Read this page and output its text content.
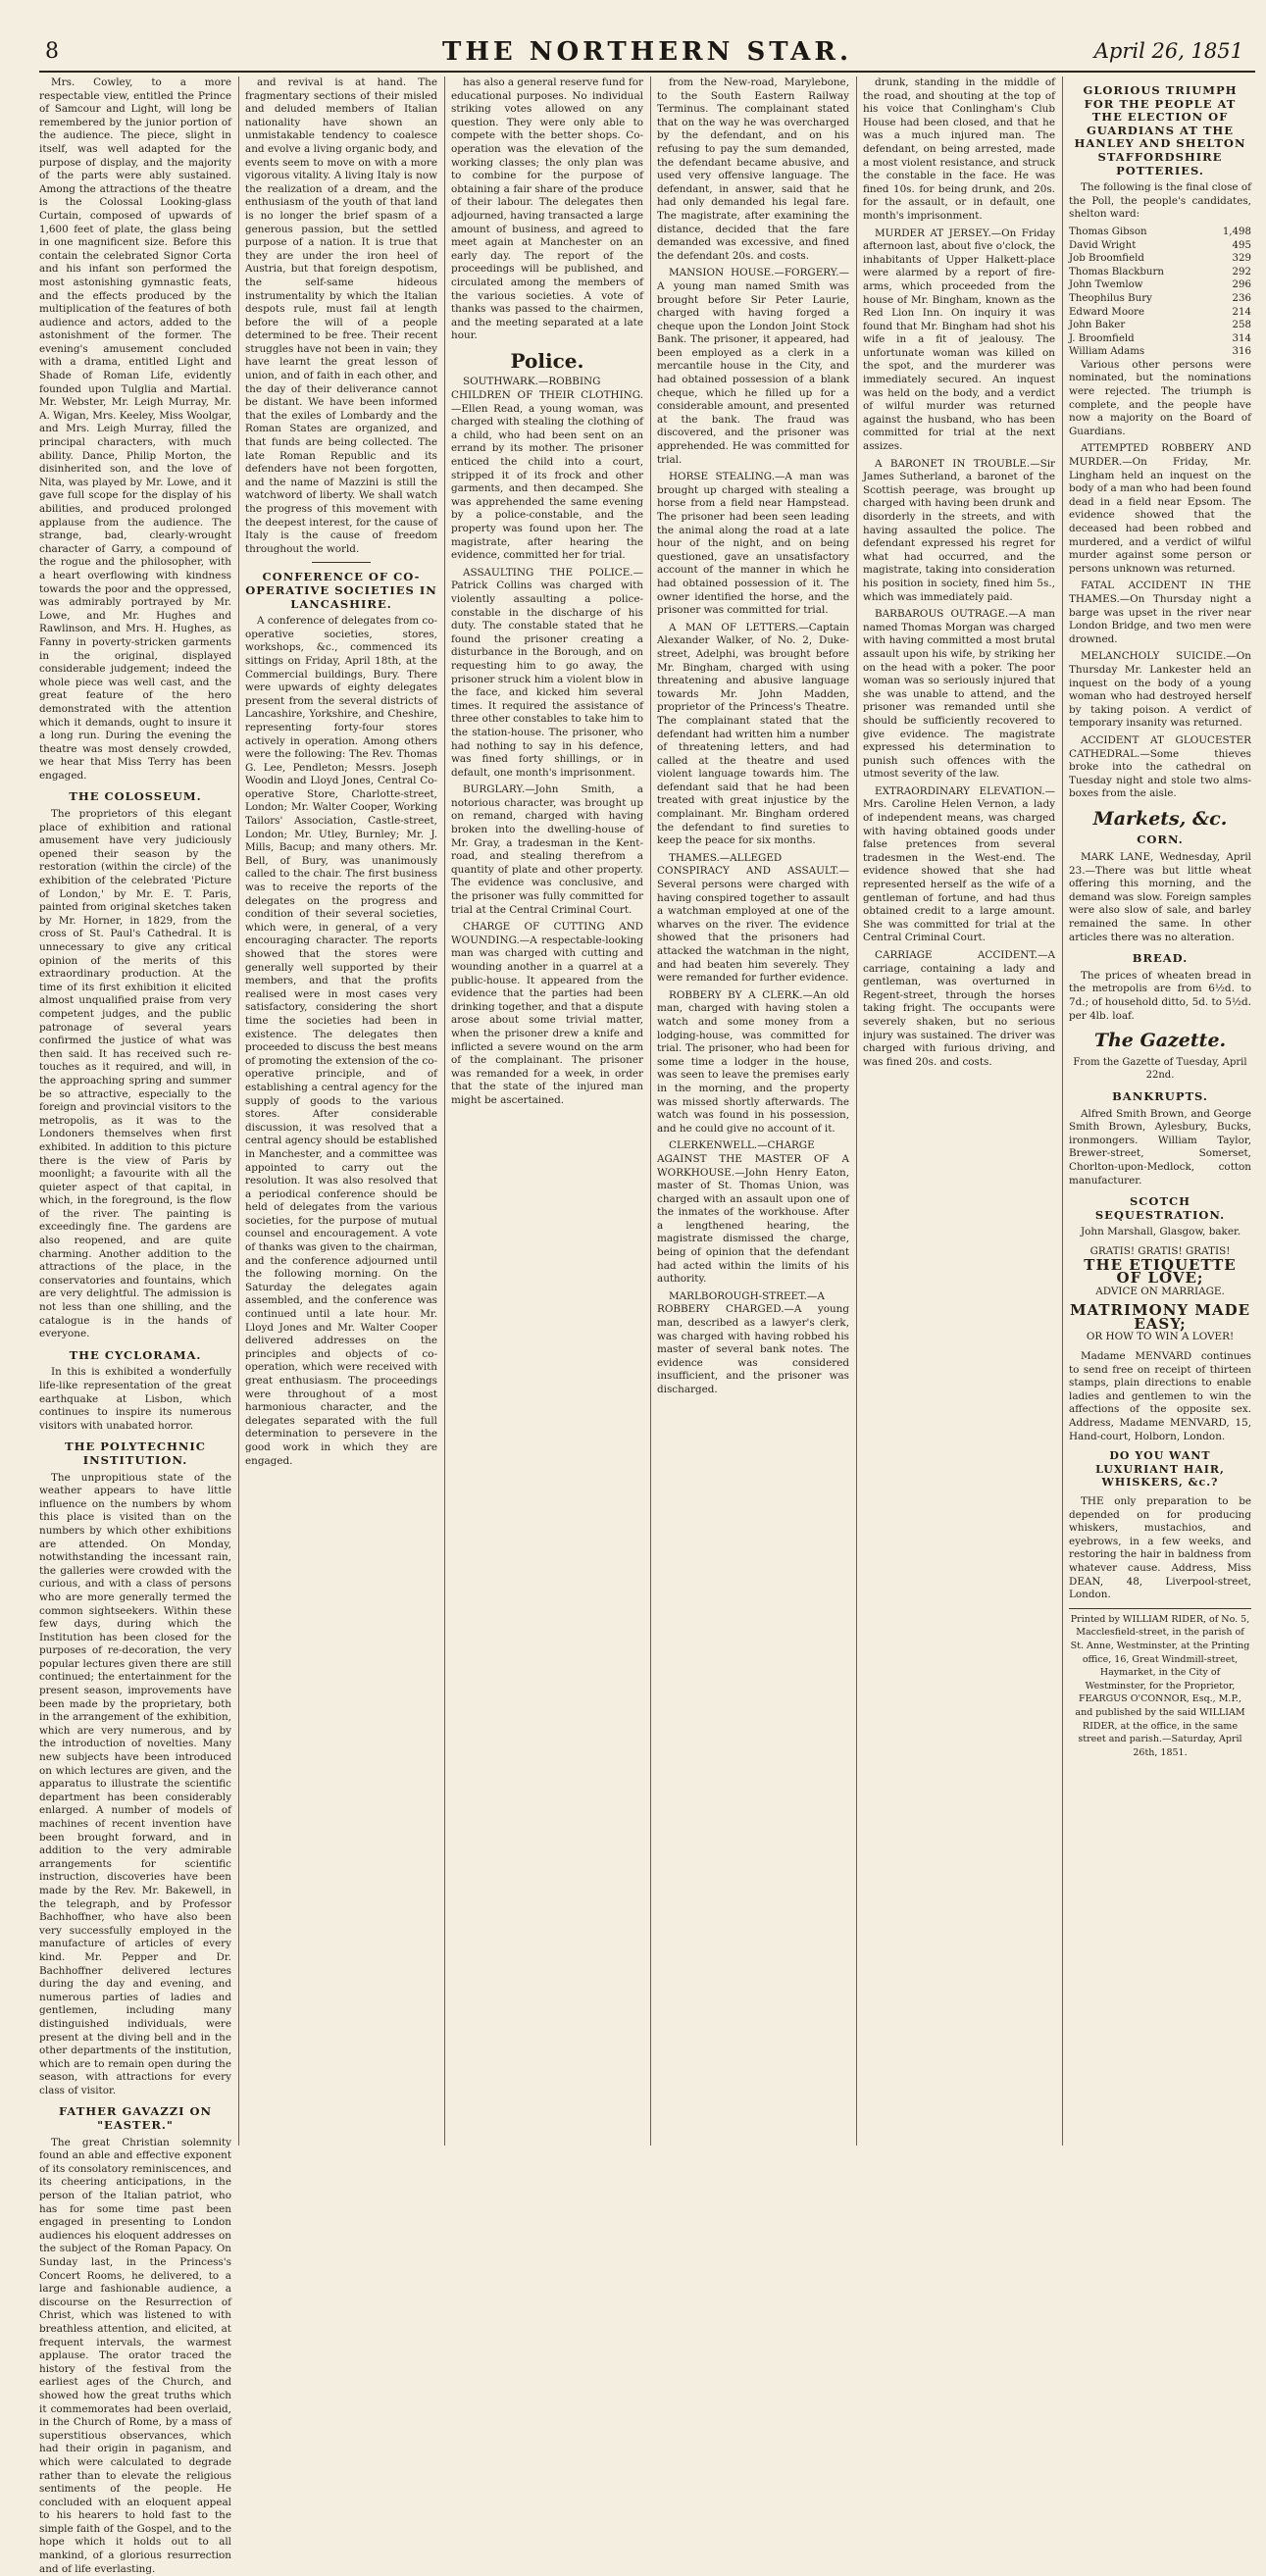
8	THE NORTHERN STAR.	April 26, 1851

Mrs. Cowley, to a more respectable view, entitled the Prince of Samcour and Light, will long be remembered by the junior portion of the audience. The piece, slight in itself, was well adapted for the purpose of display, and the majority of the parts were ably sustained. Among the attractions of the theatre is the Colossal Looking-glass Curtain, composed of upwards of 1,600 feet of plate, the glass being in one magnificent size. Before this contain the celebrated Signor Corta and his infant son performed the most astonishing gymnastic feats, and the effects produced by the multiplication of the features of both audience and actors, added to the astonishment of the former. The evening's amusement concluded with a drama, entitled Light and Shade of Roman Life, evidently founded upon Tulglia and Martial. Mr. Webster, Mr. Leigh Murray, Mr. A. Wigan, Mrs. Keeley, Miss Woolgar, and Mrs. Leigh Murray, filled the principal characters, with much ability. Dance, Philip Morton, the disinherited son, and the love of Nita, was played by Mr. Lowe, and it gave full scope for the display of his abilities, and produced prolonged applause from the audience. The strange, bad, clearly-wrought character of Garry, a compound of the rogue and the philosopher, with a heart overflowing with kindness towards the poor and the oppressed, was admirably portrayed by Mr. Lowe, and Mr. Hughes and Rawlinson, and Mrs. H. Hughes, as Fanny in poverty-stricken garments in the original, displayed considerable judgement; indeed the whole piece was well cast, and the great feature of the hero demonstrated with the attention which it demands, ought to insure it a long run. During the evening the theatre was most densely crowded, we hear that Miss Terry has been engaged.

THE COLOSSEUM.

The proprietors of this elegant place of exhibition and rational amusement have very judiciously opened their season by the restoration (within the circle) of the exhibition of the celebrated 'Picture of London,' by Mr. E. T. Paris, painted from original sketches taken by Mr. Horner, in 1829, from the cross of St. Paul's Cathedral. It is unnecessary to give any critical opinion of the merits of this extraordinary production. At the time of its first exhibition it elicited almost unqualified praise from very competent judges, and the public patronage of several years confirmed the justice of what was then said. It has received such re-touches as it required, and will, in the approaching spring and summer be so attractive, especially to the foreign and provincial visitors to the metropolis, as it was to the Londoners themselves when first exhibited. In addition to this picture there is the view of Paris by moonlight; a favourite with all the quieter aspect of that capital, in which, in the foreground, is the flow of the river. The painting is exceedingly fine. The gardens are also reopened, and are quite charming. Another addition to the attractions of the place, in the conservatories and fountains, which are very delightful. The admission is not less than one shilling, and the catalogue is in the hands of everyone.

THE CYCLORAMA.

In this is exhibited a wonderfully life-like representation of the great earthquake at Lisbon, which continues to inspire its numerous visitors with unabated horror.

THE POLYTECHNIC INSTITUTION.

The unpropitious state of the weather appears to have little influence on the numbers by whom this place is visited than on the numbers by which other exhibitions are attended. On Monday, notwithstanding the incessant rain, the galleries were crowded with the curious, and with a class of persons who are more generally termed the common sightseekers. Within these few days, during which the Institution has been closed for the purposes of re-decoration, the very popular lectures given there are still continued; the entertainment for the present season, improvements have been made by the proprietary, both in the arrangement of the exhibition, which are very numerous, and by the introduction of novelties. Many new subjects have been introduced on which lectures are given, and the apparatus to illustrate the scientific department has been considerably enlarged. A number of models of machines of recent invention have been brought forward, and in addition to the very admirable arrangements for scientific instruction, discoveries have been made by the Rev. Mr. Bakewell, in the telegraph, and by Professor Bachhoffner, who have also been very successfully employed in the manufacture of articles of every kind. Mr. Pepper and Dr. Bachhoffner delivered lectures during the day and evening, and numerous parties of ladies and gentlemen, including many distinguished individuals, were present at the diving bell and in the other departments of the institution, which are to remain open during the season, with attractions for every class of visitor.

FATHER GAVAZZI ON "EASTER."

The great Christian solemnity found an able and effective exponent of its consolatory reminiscences, and its cheering anticipations, in the person of the Italian patriot, who has for some time past been engaged in presenting to London audiences his eloquent addresses on the subject of the Roman Papacy. On Sunday last, in the Princess's Concert Rooms, he delivered, to a large and fashionable audience, a discourse on the Resurrection of Christ, which was listened to with breathless attention, and elicited, at frequent intervals, the warmest applause. The orator traced the history of the festival from the earliest ages of the Church, and showed how the great truths which it commemorates had been overlaid, in the Church of Rome, by a mass of superstitious observances, which had their origin in paganism, and which were calculated to degrade rather than to elevate the religious sentiments of the people. He concluded with an eloquent appeal to his hearers to hold fast to the simple faith of the Gospel, and to the hope which it holds out to all mankind, of a glorious resurrection and of life everlasting.

and revival is at hand. The fragmentary sections of their misled and deluded members of Italian nationality have shown an unmistakable tendency to coalesce and evolve a living organic body, and events seem to move on with a more vigorous vitality. A living Italy is now the realization of a dream, and the enthusiasm of the youth of that land is no longer the brief spasm of a generous passion, but the settled purpose of a nation. It is true that they are under the iron heel of Austria, but that foreign despotism, the self-same hideous instrumentality by which the Italian despots rule, must fail at length before the will of a people determined to be free. Their recent struggles have not been in vain; they have learnt the great lesson of union, and of faith in each other, and the day of their deliverance cannot be distant. We have been informed that the exiles of Lombardy and the Roman States are organized, and that funds are being collected. The late Roman Republic and its defenders have not been forgotten, and the name of Mazzini is still the watchword of liberty. We shall watch the progress of this movement with the deepest interest, for the cause of Italy is the cause of freedom throughout the world.

CONFERENCE OF CO-OPERATIVE SOCIETIES IN LANCASHIRE.

A conference of delegates from co-operative societies, stores, workshops, &c., commenced its sittings on Friday, April 18th, at the Commercial buildings, Bury. There were upwards of eighty delegates present from the several districts of Lancashire, Yorkshire, and Cheshire, representing forty-four stores actively in operation. Among others were the following: The Rev. Thomas G. Lee, Pendleton; Messrs. Joseph Woodin and Lloyd Jones, Central Co-operative Store, Charlotte-street, London; Mr. Walter Cooper, Working Tailors' Association, Castle-street, London; Mr. Utley, Burnley; Mr. J. Mills, Bacup; and many others. Mr. Bell, of Bury, was unanimously called to the chair. The first business was to receive the reports of the delegates on the progress and condition of their several societies, which were, in general, of a very encouraging character. The reports showed that the stores were generally well supported by their members, and that the profits realised were in most cases very satisfactory, considering the short time the societies had been in existence. The delegates then proceeded to discuss the best means of promoting the extension of the co-operative principle, and of establishing a central agency for the supply of goods to the various stores. After considerable discussion, it was resolved that a central agency should be established in Manchester, and a committee was appointed to carry out the resolution. It was also resolved that a periodical conference should be held of delegates from the various societies, for the purpose of mutual counsel and encouragement. A vote of thanks was given to the chairman, and the conference adjourned until the following morning. On the Saturday the delegates again assembled, and the conference was continued until a late hour. Mr. Lloyd Jones and Mr. Walter Cooper delivered addresses on the principles and objects of co-operation, which were received with great enthusiasm. The proceedings were throughout of a most harmonious character, and the delegates separated with the full determination to persevere in the good work in which they are engaged.

has also a general reserve fund for educational purposes. No individual striking votes allowed on any question. They were only able to compete with the better shops. Co-operation was the elevation of the working classes; the only plan was to combine for the purpose of obtaining a fair share of the produce of their labour. The delegates then adjourned, having transacted a large amount of business, and agreed to meet again at Manchester on an early day. The report of the proceedings will be published, and circulated among the members of the various societies. A vote of thanks was passed to the chairmen, and the meeting separated at a late hour.

Police.

SOUTHWARK.—ROBBING CHILDREN OF THEIR CLOTHING.—Ellen Read, a young woman, was charged with stealing the clothing of a child, who had been sent on an errand by its mother. The prisoner enticed the child into a court, stripped it of its frock and other garments, and then decamped. She was apprehended the same evening by a police-constable, and the property was found upon her. The magistrate, after hearing the evidence, committed her for trial.

ASSAULTING THE POLICE.—Patrick Collins was charged with violently assaulting a police-constable in the discharge of his duty. The constable stated that he found the prisoner creating a disturbance in the Borough, and on requesting him to go away, the prisoner struck him a violent blow in the face, and kicked him several times. It required the assistance of three other constables to take him to the station-house. The prisoner, who had nothing to say in his defence, was fined forty shillings, or in default, one month's imprisonment.

BURGLARY.—John Smith, a notorious character, was brought up on remand, charged with having broken into the dwelling-house of Mr. Gray, a tradesman in the Kent-road, and stealing therefrom a quantity of plate and other property. The evidence was conclusive, and the prisoner was fully committed for trial at the Central Criminal Court.

CHARGE OF CUTTING AND WOUNDING.—A respectable-looking man was charged with cutting and wounding another in a quarrel at a public-house. It appeared from the evidence that the parties had been drinking together, and that a dispute arose about some trivial matter, when the prisoner drew a knife and inflicted a severe wound on the arm of the complainant. The prisoner was remanded for a week, in order that the state of the injured man might be ascertained.

from the New-road, Marylebone, to the South Eastern Railway Terminus. The complainant stated that on the way he was overcharged by the defendant, and on his refusing to pay the sum demanded, the defendant became abusive, and used very offensive language. The defendant, in answer, said that he had only demanded his legal fare. The magistrate, after examining the distance, decided that the fare demanded was excessive, and fined the defendant 20s. and costs.

MANSION HOUSE.—FORGERY.—A young man named Smith was brought before Sir Peter Laurie, charged with having forged a cheque upon the London Joint Stock Bank. The prisoner, it appeared, had been employed as a clerk in a mercantile house in the City, and had obtained possession of a blank cheque, which he filled up for a considerable amount, and presented at the bank. The fraud was discovered, and the prisoner was apprehended. He was committed for trial.

HORSE STEALING.—A man was brought up charged with stealing a horse from a field near Hampstead. The prisoner had been seen leading the animal along the road at a late hour of the night, and on being questioned, gave an unsatisfactory account of the manner in which he had obtained possession of it. The owner identified the horse, and the prisoner was committed for trial.

A MAN OF LETTERS.—Captain Alexander Walker, of No. 2, Duke-street, Adelphi, was brought before Mr. Bingham, charged with using threatening and abusive language towards Mr. John Madden, proprietor of the Princess's Theatre. The complainant stated that the defendant had written him a number of threatening letters, and had called at the theatre and used violent language towards him. The defendant said that he had been treated with great injustice by the complainant. Mr. Bingham ordered the defendant to find sureties to keep the peace for six months.

THAMES.—ALLEGED CONSPIRACY AND ASSAULT.—Several persons were charged with having conspired together to assault a watchman employed at one of the wharves on the river. The evidence showed that the prisoners had attacked the watchman in the night, and had beaten him severely. They were remanded for further evidence.

ROBBERY BY A CLERK.—An old man, charged with having stolen a watch and some money from a lodging-house, was committed for trial. The prisoner, who had been for some time a lodger in the house, was seen to leave the premises early in the morning, and the property was missed shortly afterwards. The watch was found in his possession, and he could give no account of it.

CLERKENWELL.—CHARGE AGAINST THE MASTER OF A WORKHOUSE.—John Henry Eaton, master of St. Thomas Union, was charged with an assault upon one of the inmates of the workhouse. After a lengthened hearing, the magistrate dismissed the charge, being of opinion that the defendant had acted within the limits of his authority.

MARLBOROUGH-STREET.—A ROBBERY CHARGED.—A young man, described as a lawyer's clerk, was charged with having robbed his master of several bank notes. The evidence was considered insufficient, and the prisoner was discharged.

drunk, standing in the middle of the road, and shouting at the top of his voice that Conlingham's Club House had been closed, and that he was a much injured man. The defendant, on being arrested, made a most violent resistance, and struck the constable in the face. He was fined 10s. for being drunk, and 20s. for the assault, or in default, one month's imprisonment.

MURDER AT JERSEY.—On Friday afternoon last, about five o'clock, the inhabitants of Upper Halkett-place were alarmed by a report of fire-arms, which proceeded from the house of Mr. Bingham, known as the Red Lion Inn. On inquiry it was found that Mr. Bingham had shot his wife in a fit of jealousy. The unfortunate woman was killed on the spot, and the murderer was immediately secured. An inquest was held on the body, and a verdict of wilful murder was returned against the husband, who has been committed for trial at the next assizes.

A BARONET IN TROUBLE.—Sir James Sutherland, a baronet of the Scottish peerage, was brought up charged with having been drunk and disorderly in the streets, and with having assaulted the police. The defendant expressed his regret for what had occurred, and the magistrate, taking into consideration his position in society, fined him 5s., which was immediately paid.

BARBAROUS OUTRAGE.—A man named Thomas Morgan was charged with having committed a most brutal assault upon his wife, by striking her on the head with a poker. The poor woman was so seriously injured that she was unable to attend, and the prisoner was remanded until she should be sufficiently recovered to give evidence. The magistrate expressed his determination to punish such offences with the utmost severity of the law.

EXTRAORDINARY ELEVATION.—Mrs. Caroline Helen Vernon, a lady of independent means, was charged with having obtained goods under false pretences from several tradesmen in the West-end. The evidence showed that she had represented herself as the wife of a gentleman of fortune, and had thus obtained credit to a large amount. She was committed for trial at the Central Criminal Court.

CARRIAGE ACCIDENT.—A carriage, containing a lady and gentleman, was overturned in Regent-street, through the horses taking fright. The occupants were severely shaken, but no serious injury was sustained. The driver was charged with furious driving, and was fined 20s. and costs.

GLORIOUS TRIUMPH FOR THE PEOPLE AT THE ELECTION OF GUARDIANS AT THE HANLEY AND SHELTON STAFFORDSHIRE POTTERIES.

The following is the final close of the Poll, the people's candidates, shelton ward:

Thomas Gibson	1,498
David Wright	495
Job Broomfield	329
Thomas Blackburn	292
John Twemlow	296
Theophilus Bury	236
Edward Moore	214
John Baker	258
J. Broomfield	314
William Adams	316

Various other persons were nominated, but the nominations were rejected. The triumph is complete, and the people have now a majority on the Board of Guardians.

ATTEMPTED ROBBERY AND MURDER.—On Friday, Mr. Lingham held an inquest on the body of a man who had been found dead in a field near Epsom. The evidence showed that the deceased had been robbed and murdered, and a verdict of wilful murder against some person or persons unknown was returned.

FATAL ACCIDENT IN THE THAMES.—On Thursday night a barge was upset in the river near London Bridge, and two men were drowned.

MELANCHOLY SUICIDE.—On Thursday Mr. Lankester held an inquest on the body of a young woman who had destroyed herself by taking poison. A verdict of temporary insanity was returned.

ACCIDENT AT GLOUCESTER CATHEDRAL.—Some thieves broke into the cathedral on Tuesday night and stole two alms-boxes from the aisle.

Markets, &c.
CORN.

MARK LANE, Wednesday, April 23.—There was but little wheat offering this morning, and the demand was slow. Foreign samples were also slow of sale, and barley remained the same. In other articles there was no alteration.

BREAD.

The prices of wheaten bread in the metropolis are from 6½d. to 7d.; of household ditto, 5d. to 5½d. per 4lb. loaf.

The Gazette.
From the Gazette of Tuesday, April 22nd.
BANKRUPTS.

Alfred Smith Brown, and George Smith Brown, Aylesbury, Bucks, ironmongers. William Taylor, Brewer-street, Somerset, Chorlton-upon-Medlock, cotton manufacturer.

SCOTCH SEQUESTRATION.

John Marshall, Glasgow, baker.

GRATIS! GRATIS! GRATIS!
THE ETIQUETTE OF LOVE;
ADVICE ON MARRIAGE.
MATRIMONY MADE EASY;
OR HOW TO WIN A LOVER!

Madame MENVARD continues to send free on receipt of thirteen stamps, plain directions to enable ladies and gentlemen to win the affections of the opposite sex. Address, Madame MENVARD, 15, Hand-court, Holborn, London.

DO YOU WANT LUXURIANT HAIR, WHISKERS, &c.?

THE only preparation to be depended on for producing whiskers, mustachios, and eyebrows, in a few weeks, and restoring the hair in baldness from whatever cause. Address, Miss DEAN, 48, Liverpool-street, London.

Printed by WILLIAM RIDER, of No. 5, Macclesfield-street, in the parish of St. Anne, Westminster, at the Printing office, 16, Great Windmill-street, Haymarket, in the City of Westminster, for the Proprietor, FEARGUS O'CONNOR, Esq., M.P., and published by the said WILLIAM RIDER, at the office, in the same street and parish.—Saturday, April 26th, 1851.
